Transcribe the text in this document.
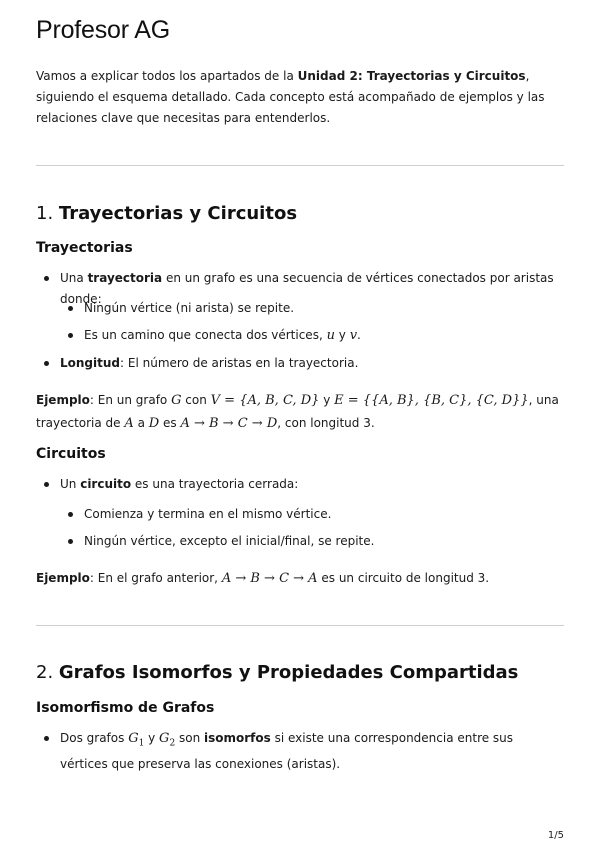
Profesor AG

Vamos a explicar todos los apartados de la Unidad 2: Trayectorias y Circuitos, siguiendo el esquema detallado. Cada concepto está acompañado de ejemplos y las relaciones clave que necesitas para entenderlos.

1. Trayectorias y Circuitos
Trayectorias

Una trayectoria en un grafo es una secuencia de vértices conectados por aristas donde:

Ningún vértice (ni arista) se repite.

Es un camino que conecta dos vértices, u y v.

Longitud: El número de aristas en la trayectoria.

Ejemplo: En un grafo G con V = {A, B, C, D} y E = {{A, B}, {B, C}, {C, D}}, una trayectoria de A a D es A → B → C → D, con longitud 3.

Circuitos

Un circuito es una trayectoria cerrada:

Comienza y termina en el mismo vértice.

Ningún vértice, excepto el inicial/final, se repite.

Ejemplo: En el grafo anterior, A → B → C → A es un circuito de longitud 3.

2. Grafos Isomorfos y Propiedades Compartidas
Isomorfismo de Grafos

Dos grafos $G_1$ y $G_2$ son isomorfos si existe una correspondencia entre sus vértices que preserva las conexiones (aristas).

1/5
